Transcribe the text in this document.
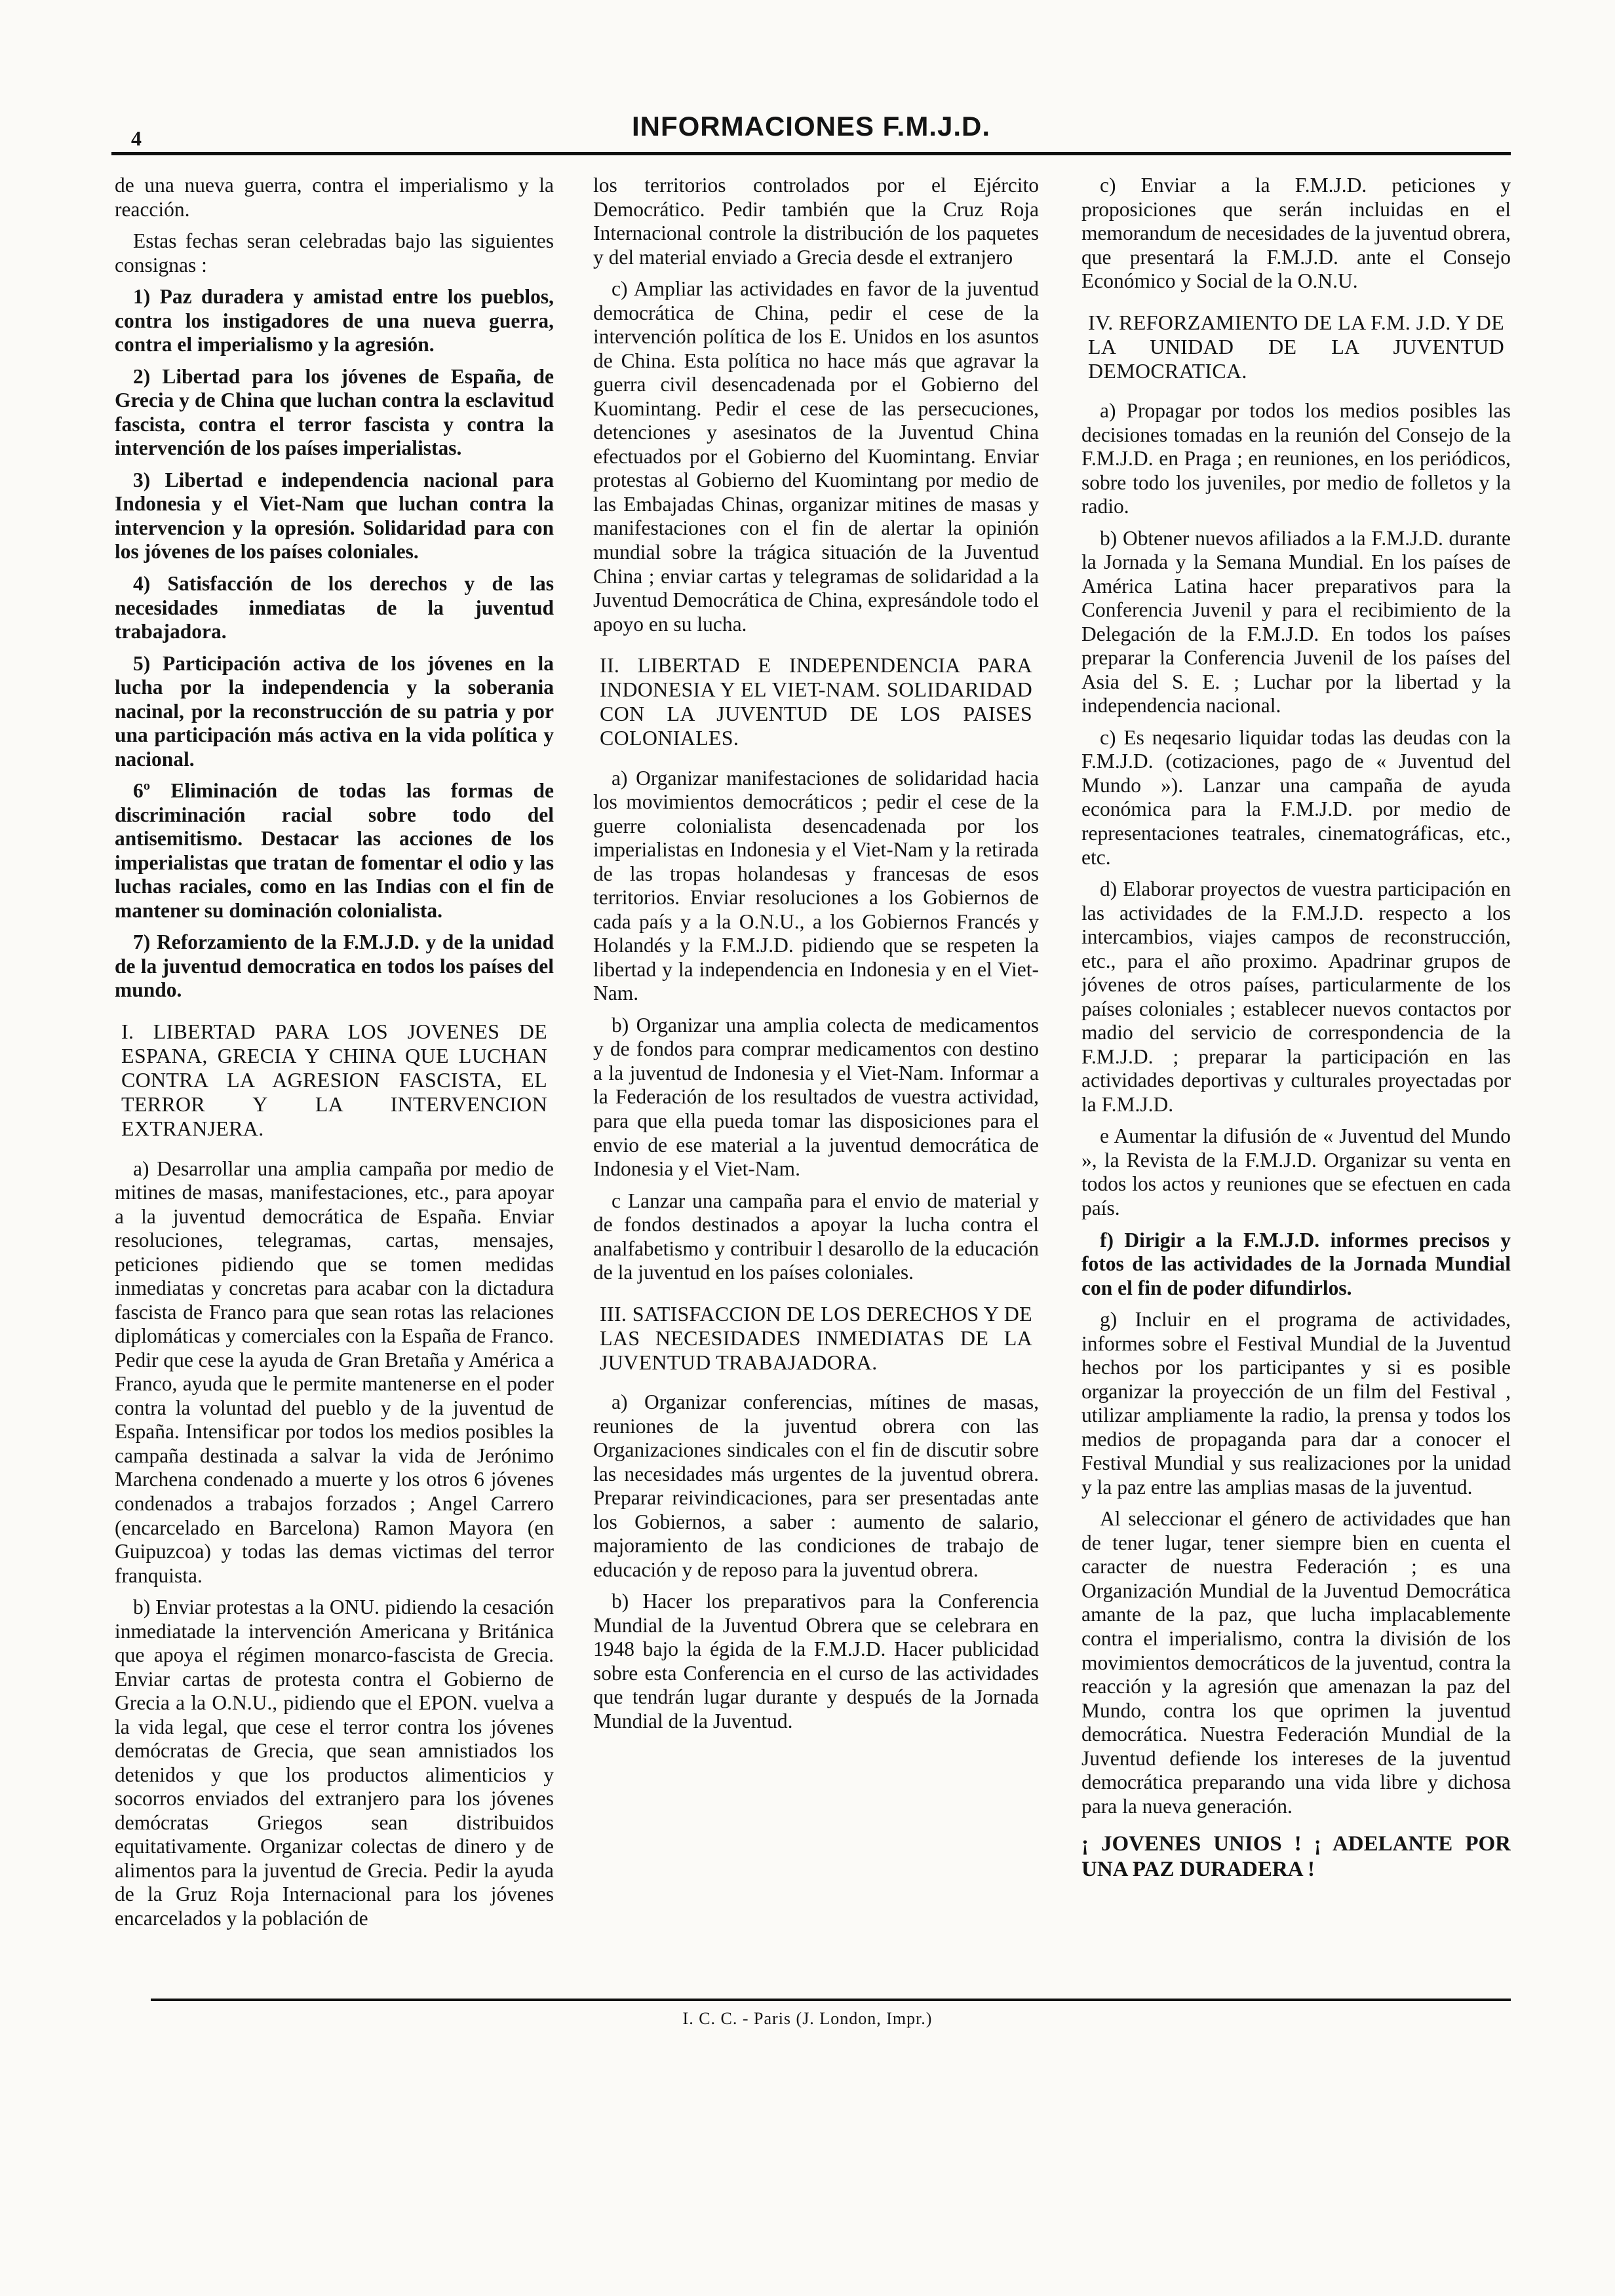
4	INFORMACIONES F.M.J.D.

de una nueva guerra, contra el imperialismo y la reacción.

Estas fechas seran celebradas bajo las siguientes consignas :

1) Paz duradera y amistad entre los pueblos, contra los instigadores de una nueva guerra, contra el imperialismo y la agresión.

2) Libertad para los jóvenes de España, de Grecia y de China que luchan contra la esclavitud fascista, contra el terror fascista y contra la intervención de los países imperialistas.

3) Libertad e independencia nacional para Indonesia y el Viet-Nam que luchan contra la intervencion y la opresión. Solidaridad para con los jóvenes de los países coloniales.

4) Satisfacción de los derechos y de las necesidades inmediatas de la juventud trabajadora.

5) Participación activa de los jóvenes en la lucha por la independencia y la soberania nacinal, por la reconstrucción de su patria y por una participación más activa en la vida política y nacional.

6º Eliminación de todas las formas de discriminación racial sobre todo del antisemitismo. Destacar las acciones de los imperialistas que tratan de fomentar el odio y las luchas raciales, como en las Indias con el fin de mantener su dominación colonialista.

7) Reforzamiento de la F.M.J.D. y de la unidad de la juventud democratica en todos los países del mundo.

I. LIBERTAD PARA LOS JOVENES DE ESPANA, GRECIA Y CHINA QUE LUCHAN CONTRA LA AGRESION FASCISTA, EL TERROR Y LA INTERVENCION EXTRANJERA.

a) Desarrollar una amplia campaña por medio de mitines de masas, manifestaciones, etc., para apoyar a la juventud democrática de España. Enviar resoluciones, telegramas, cartas, mensajes, peticiones pidiendo que se tomen medidas inmediatas y concretas para acabar con la dictadura fascista de Franco para que sean rotas las relaciones diplomáticas y comerciales con la España de Franco. Pedir que cese la ayuda de Gran Bretaña y América a Franco, ayuda que le permite mantenerse en el poder contra la voluntad del pueblo y de la juventud de España. Intensificar por todos los medios posibles la campaña destinada a salvar la vida de Jerónimo Marchena condenado a muerte y los otros 6 jóvenes condenados a trabajos forzados ; Angel Carrero (encarcelado en Barcelona) Ramon Mayora (en Guipuzcoa) y todas las demas victimas del terror franquista.

b) Enviar protestas a la ONU. pidiendo la cesación inmediatade la intervención Americana y Británica que apoya el régimen monarco-fascista de Grecia. Enviar cartas de protesta contra el Gobierno de Grecia a la O.N.U., pidiendo que el EPON. vuelva a la vida legal, que cese el terror contra los jóvenes demócratas de Grecia, que sean amnistiados los detenidos y que los productos alimenticios y socorros enviados del extranjero para los jóvenes demócratas Griegos sean distribuidos equitativamente. Organizar colectas de dinero y de alimentos para la juventud de Grecia. Pedir la ayuda de la Gruz Roja Internacional para los jóvenes encarcelados y la población de

los territorios controlados por el Ejército Democrático. Pedir también que la Cruz Roja Internacional controle la distribución de los paquetes y del material enviado a Grecia desde el extranjero

c) Ampliar las actividades en favor de la juventud democrática de China, pedir el cese de la intervención política de los E. Unidos en los asuntos de China. Esta política no hace más que agravar la guerra civil desencadenada por el Gobierno del Kuomintang. Pedir el cese de las persecuciones, detenciones y asesinatos de la Juventud China efectuados por el Gobierno del Kuomintang. Enviar protestas al Gobierno del Kuomintang por medio de las Embajadas Chinas, organizar mitines de masas y manifestaciones con el fin de alertar la opinión mundial sobre la trágica situación de la Juventud China ; enviar cartas y telegramas de solidaridad a la Juventud Democrática de China, expresándole todo el apoyo en su lucha.

II. LIBERTAD E INDEPENDENCIA PARA INDONESIA Y EL VIET-NAM. SOLIDARIDAD CON LA JUVENTUD DE LOS PAISES COLONIALES.

a) Organizar manifestaciones de solidaridad hacia los movimientos democráticos ; pedir el cese de la guerre colonialista desencadenada por los imperialistas en Indonesia y el Viet-Nam y la retirada de las tropas holandesas y francesas de esos territorios. Enviar resoluciones a los Gobiernos de cada país y a la O.N.U., a los Gobiernos Francés y Holandés y la F.M.J.D. pidiendo que se respeten la libertad y la independencia en Indonesia y en el Viet-Nam.

b) Organizar una amplia colecta de medicamentos y de fondos para comprar medicamentos con destino a la juventud de Indonesia y el Viet-Nam. Informar a la Federación de los resultados de vuestra actividad, para que ella pueda tomar las disposiciones para el envio de ese material a la juventud democrática de Indonesia y el Viet-Nam.

c Lanzar una campaña para el envio de material y de fondos destinados a apoyar la lucha contra el analfabetismo y contribuir l desarollo de la educación de la juventud en los países coloniales.

III. SATISFACCION DE LOS DERECHOS Y DE LAS NECESIDADES INMEDIATAS DE LA JUVENTUD TRABAJADORA.

a) Organizar conferencias, mítines de masas, reuniones de la juventud obrera con las Organizaciones sindicales con el fin de discutir sobre las necesidades más urgentes de la juventud obrera. Preparar reivindicaciones, para ser presentadas ante los Gobiernos, a saber : aumento de salario, majoramiento de las condiciones de trabajo de educación y de reposo para la juventud obrera.

b) Hacer los preparativos para la Conferencia Mundial de la Juventud Obrera que se celebrara en 1948 bajo la égida de la F.M.J.D. Hacer publicidad sobre esta Conferencia en el curso de las actividades que tendrán lugar durante y después de la Jornada Mundial de la Juventud.

c) Enviar a la F.M.J.D. peticiones y proposiciones que serán incluidas en el memorandum de necesidades de la juventud obrera, que presentará la F.M.J.D. ante el Consejo Económico y Social de la O.N.U.

IV. REFORZAMIENTO DE LA F.M. J.D. Y DE LA UNIDAD DE LA JUVENTUD DEMOCRATICA.

a) Propagar por todos los medios posibles las decisiones tomadas en la reunión del Consejo de la F.M.J.D. en Praga ; en reuniones, en los periódicos, sobre todo los juveniles, por medio de folletos y la radio.

b) Obtener nuevos afiliados a la F.M.J.D. durante la Jornada y la Semana Mundial. En los países de América Latina hacer preparativos para la Conferencia Juvenil y para el recibimiento de la Delegación de la F.M.J.D. En todos los países preparar la Conferencia Juvenil de los países del Asia del S. E. ; Luchar por la libertad y la independencia nacional.

c) Es neqesario liquidar todas las deudas con la F.M.J.D. (cotizaciones, pago de « Juventud del Mundo »). Lanzar una campaña de ayuda económica para la F.M.J.D. por medio de representaciones teatrales, cinematográficas, etc., etc.

d) Elaborar proyectos de vuestra participación en las actividades de la F.M.J.D. respecto a los intercambios, viajes campos de reconstrucción, etc., para el año proximo. Apadrinar grupos de jóvenes de otros países, particularmente de los países coloniales ; establecer nuevos contactos por madio del servicio de correspondencia de la F.M.J.D. ; preparar la participación en las actividades deportivas y culturales proyectadas por la F.M.J.D.

e Aumentar la difusión de « Juventud del Mundo », la Revista de la F.M.J.D. Organizar su venta en todos los actos y reuniones que se efectuen en cada país.

f) Dirigir a la F.M.J.D. informes precisos y fotos de las actividades de la Jornada Mundial con el fin de poder difundirlos.

g) Incluir en el programa de actividades, informes sobre el Festival Mundial de la Juventud hechos por los participantes y si es posible organizar la proyección de un film del Festival , utilizar ampliamente la radio, la prensa y todos los medios de propaganda para dar a conocer el Festival Mundial y sus realizaciones por la unidad y la paz entre las amplias masas de la juventud.

Al seleccionar el género de actividades que han de tener lugar, tener siempre bien en cuenta el caracter de nuestra Federación ; es una Organización Mundial de la Juventud Democrática amante de la paz, que lucha implacablemente contra el imperialismo, contra la división de los movimientos democráticos de la juventud, contra la reacción y la agresión que amenazan la paz del Mundo, contra los que oprimen la juventud democrática. Nuestra Federación Mundial de la Juventud defiende los intereses de la juventud democrática preparando una vida libre y dichosa para la nueva generación.

¡ JOVENES UNIOS ! ¡ ADELANTE POR UNA PAZ DURADERA !

I. C. C. - Paris (J. London, Impr.)
